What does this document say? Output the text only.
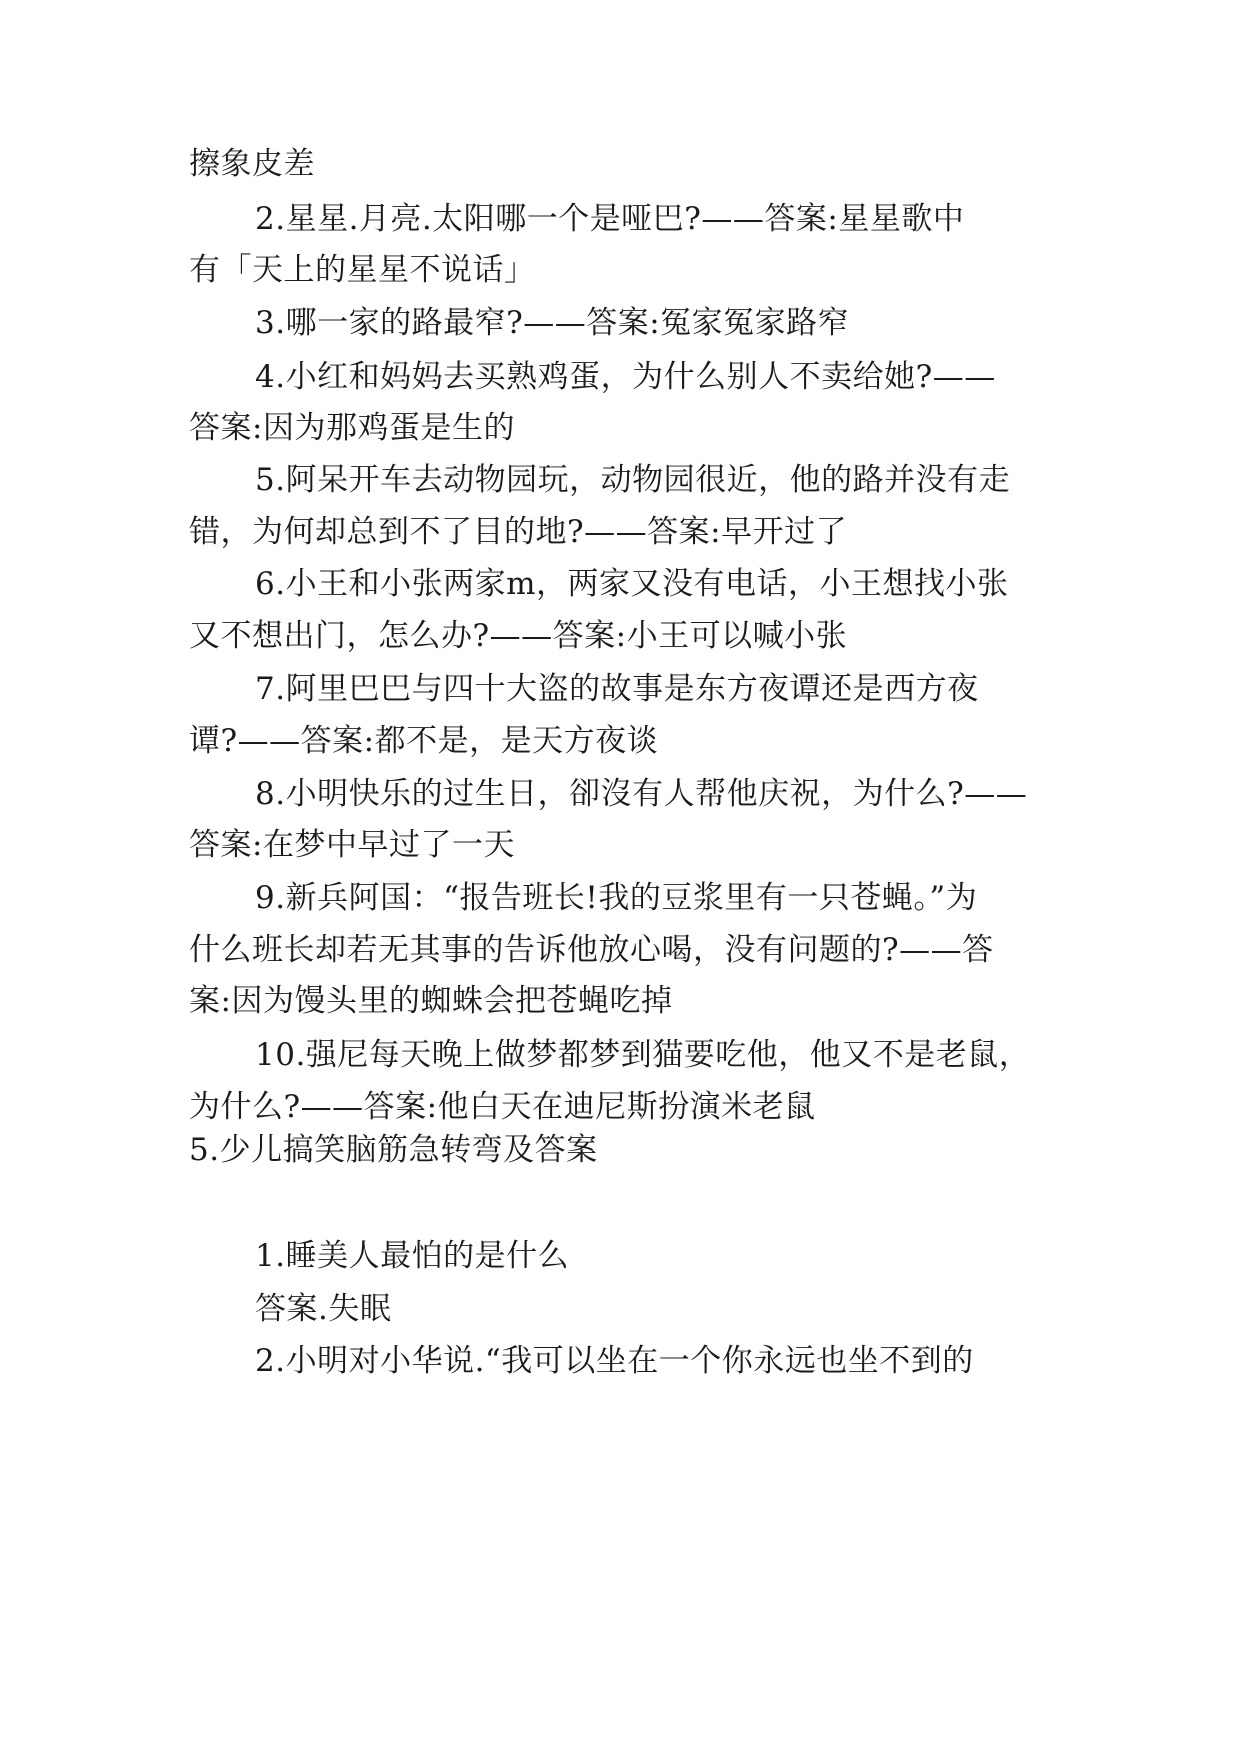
擦象皮差
2.星星.月亮.太阳哪一个是哑巴?——答案:星星歌中
有「天上的星星不说话」
3.哪一家的路最窄?——答案:冤家冤家路窄
4.小红和妈妈去买熟鸡蛋，为什么别人不卖给她?——
答案:因为那鸡蛋是生的
5.阿呆开车去动物园玩，动物园很近，他的路并没有走
错，为何却总到不了目的地?——答案:早开过了
6.小王和小张两家m，两家又没有电话，小王想找小张
又不想出门，怎么办?——答案:小王可以喊小张
7.阿里巴巴与四十大盗的故事是东方夜谭还是西方夜
谭?——答案:都不是，是天方夜谈
8.小明快乐的过生日，卻沒有人帮他庆祝，为什么?——
答案:在梦中早过了一天
9.新兵阿国：“报告班长!我的豆浆里有一只苍蝇。”为
什么班长却若无其事的告诉他放心喝，没有问题的?——答
案:因为馒头里的蜘蛛会把苍蝇吃掉
10.强尼每天晚上做梦都梦到猫要吃他，他又不是老鼠，
为什么?——答案:他白天在迪尼斯扮演米老鼠
5.少儿搞笑脑筋急转弯及答案
1.睡美人最怕的是什么
答案.失眠
2.小明对小华说.“我可以坐在一个你永远也坐不到的
